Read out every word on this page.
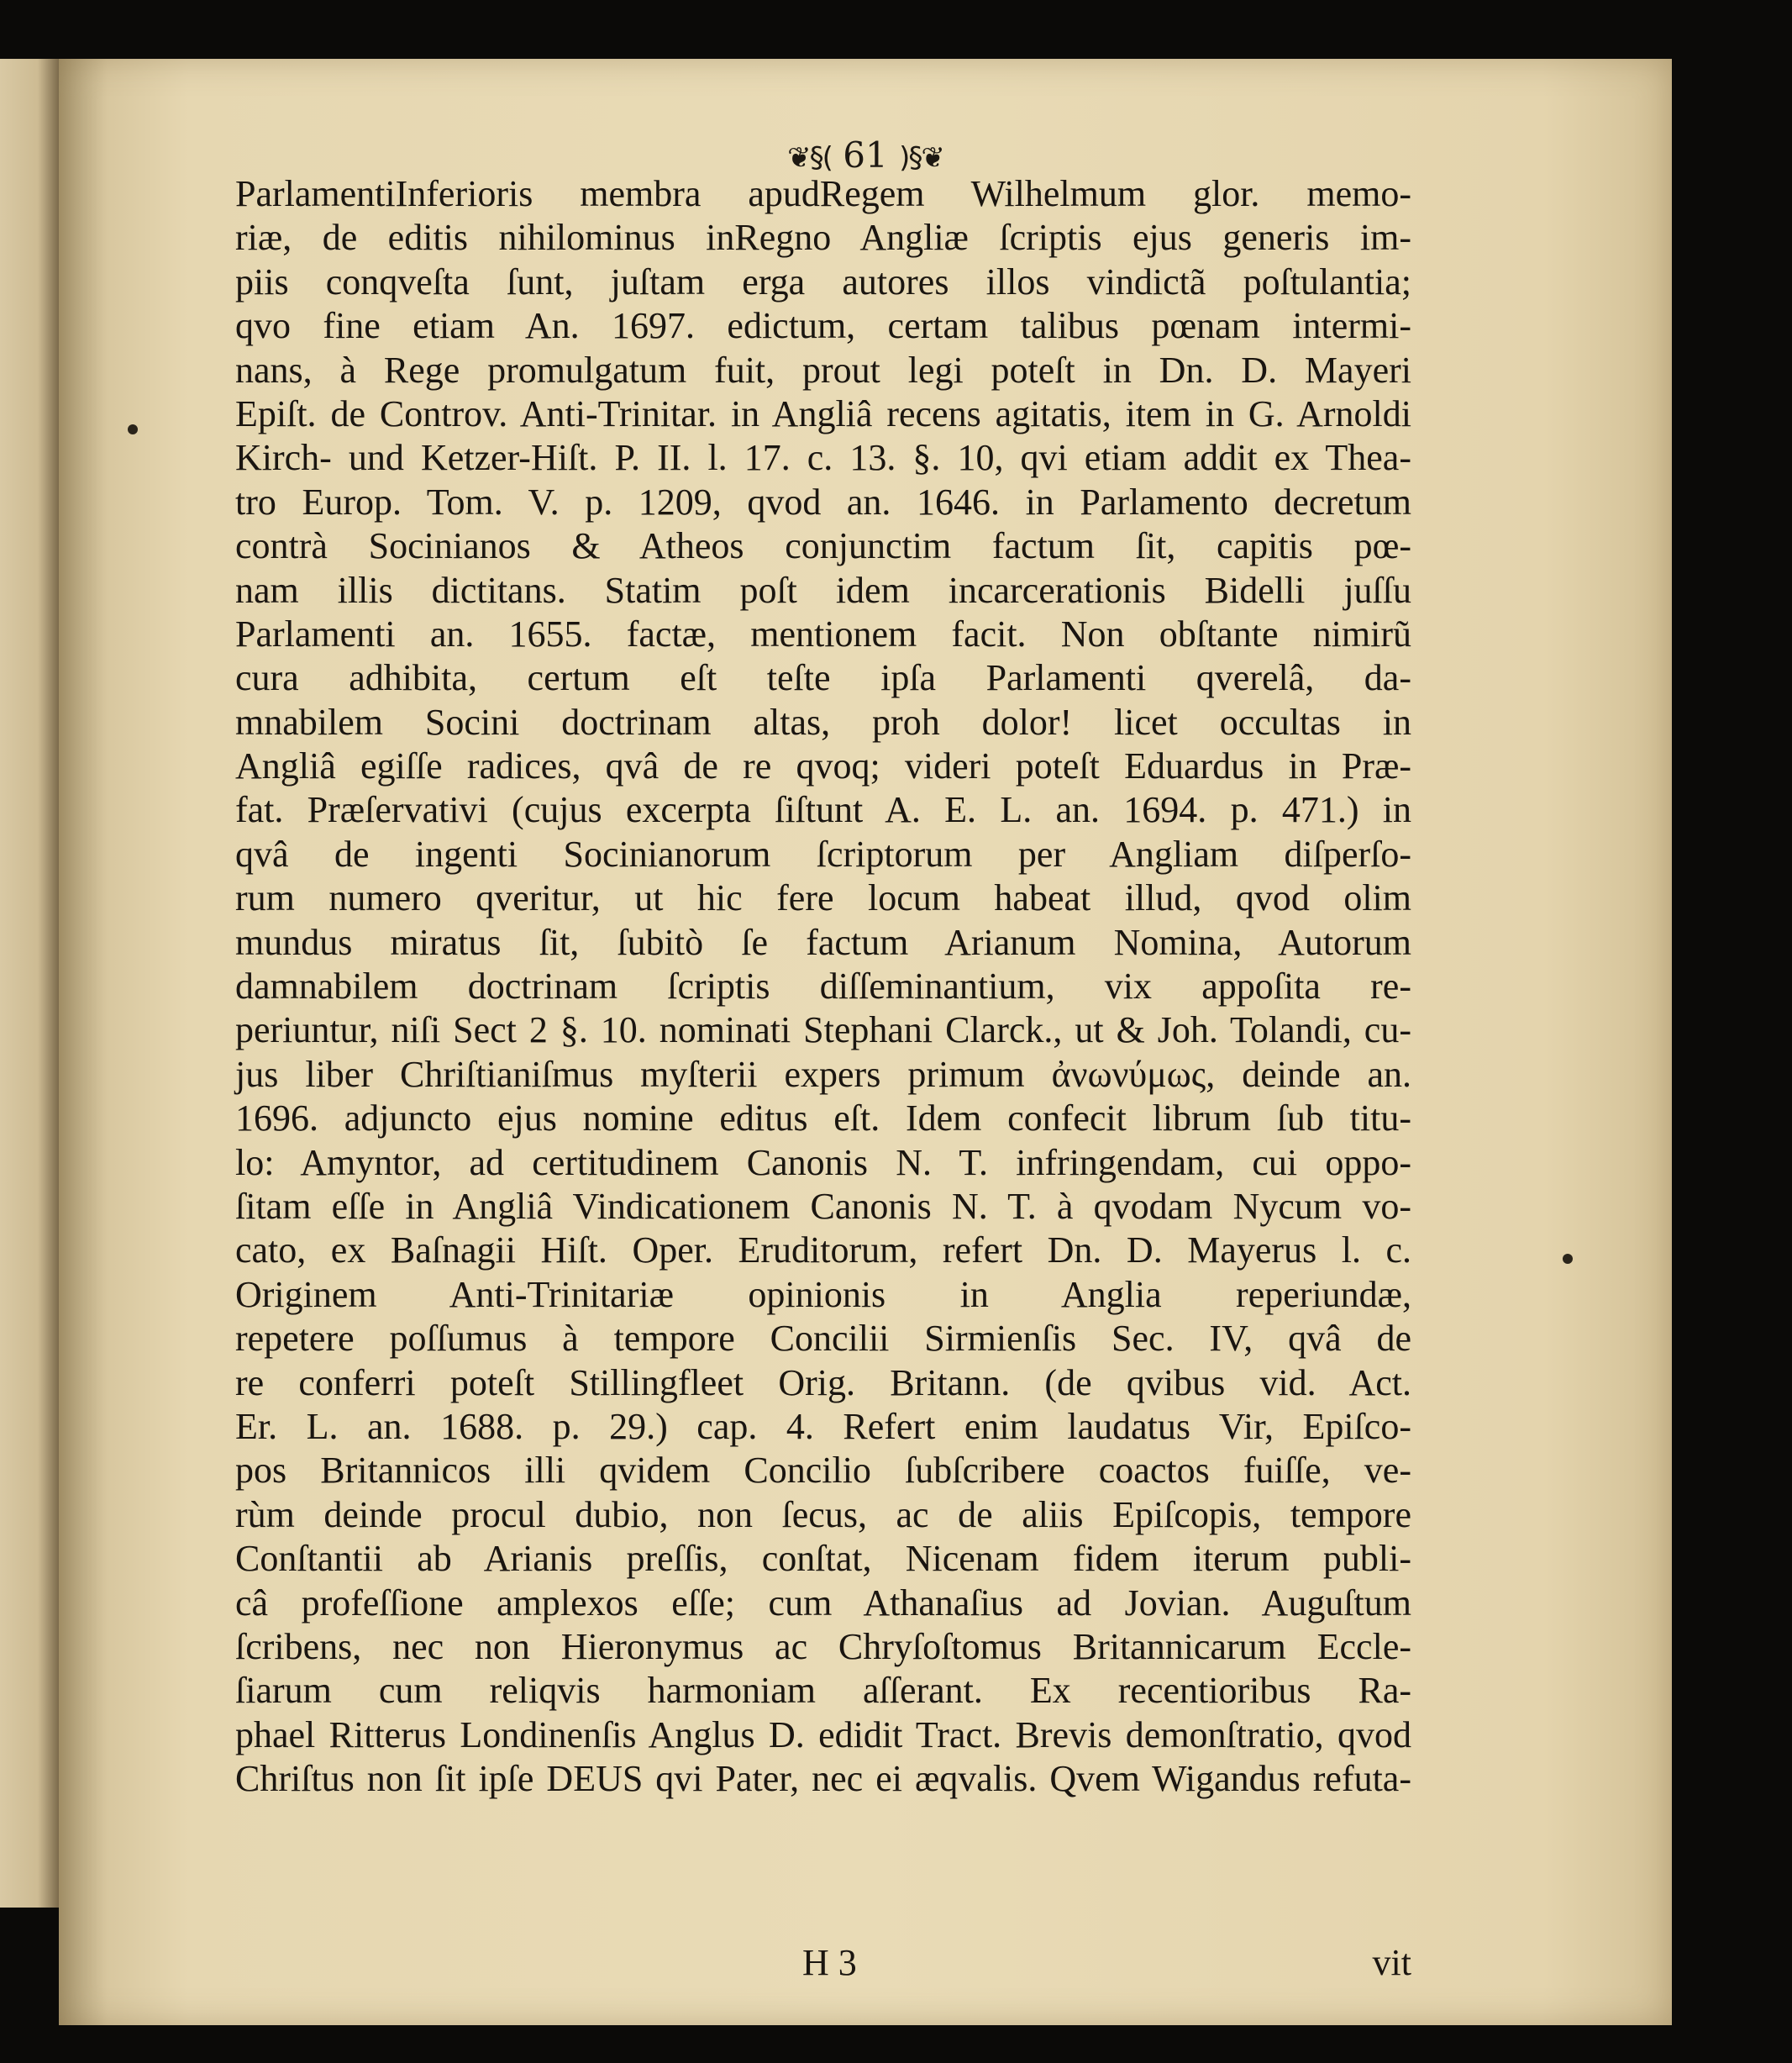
❦§( 61 )§❦
ParlamentiInferioris membra apudRegem Wilhelmum glor. memo-
riæ, de editis nihilominus inRegno Angliæ ſcriptis ejus generis im-
piis conqveſta ſunt, juſtam erga autores illos vindictã poſtulantia;
qvo fine etiam An. 1697. edictum, certam talibus pœnam intermi-
nans, à Rege promulgatum fuit, prout legi poteſt in Dn. D. Mayeri
Epiſt. de Controv. Anti-Trinitar. in Angliâ recens agitatis, item in G. Arnoldi
Kirch- und Ketzer-Hiſt. P. II. l. 17. c. 13. §. 10, qvi etiam addit ex Thea-
tro Europ. Tom. V. p. 1209, qvod an. 1646. in Parlamento decretum
contrà Socinianos & Atheos conjunctim factum ſit, capitis pœ-
nam illis dictitans. Statim poſt idem incarcerationis Bidelli juſſu
Parlamenti an. 1655. factæ, mentionem facit. Non obſtante nimirũ
cura adhibita, certum eſt teſte ipſa Parlamenti qverelâ, da-
mnabilem Socini doctrinam altas, proh dolor! licet occultas in
Angliâ egiſſe radices, qvâ de re qvoq; videri poteſt Eduardus in Præ-
fat. Præſervativi (cujus excerpta ſiſtunt A. E. L. an. 1694. p. 471.) in
qvâ de ingenti Socinianorum ſcriptorum per Angliam diſperſo-
rum numero qveritur, ut hic fere locum habeat illud, qvod olim
mundus miratus ſit, ſubitò ſe factum Arianum Nomina, Autorum
damnabilem doctrinam ſcriptis diſſeminantium, vix appoſita re-
periuntur, niſi Sect 2 §. 10. nominati Stephani Clarck., ut & Joh. Tolandi, cu-
jus liber Chriſtianiſmus myſterii expers primum ἀνωνύμως, deinde an.
1696. adjuncto ejus nomine editus eſt. Idem confecit librum ſub titu-
lo: Amyntor, ad certitudinem Canonis N. T. infringendam, cui oppo-
ſitam eſſe in Angliâ Vindicationem Canonis N. T. à qvodam Nycum vo-
cato, ex Baſnagii Hiſt. Oper. Eruditorum, refert Dn. D. Mayerus l. c.
Originem Anti-Trinitariæ opinionis in Anglia reperiundæ,
repetere poſſumus à tempore Concilii Sirmienſis Sec. IV, qvâ de
re conferri poteſt Stillingfleet Orig. Britann. (de qvibus vid. Act.
Er. L. an. 1688. p. 29.) cap. 4. Refert enim laudatus Vir, Epiſco-
pos Britannicos illi qvidem Concilio ſubſcribere coactos fuiſſe, ve-
rùm deinde procul dubio, non ſecus, ac de aliis Epiſcopis, tempore
Conſtantii ab Arianis preſſis, conſtat, Nicenam fidem iterum publi-
câ profeſſione amplexos eſſe; cum Athanaſius ad Jovian. Auguſtum
ſcribens, nec non Hieronymus ac Chryſoſtomus Britannicarum Eccle-
ſiarum cum reliqvis harmoniam aſſerant. Ex recentioribus Ra-
phael Ritterus Londinenſis Anglus D. edidit Tract. Brevis demonſtratio, qvod
Chriſtus non ſit ipſe DEUS qvi Pater, nec ei æqvalis. Qvem Wigandus refuta-
H 3	vit
